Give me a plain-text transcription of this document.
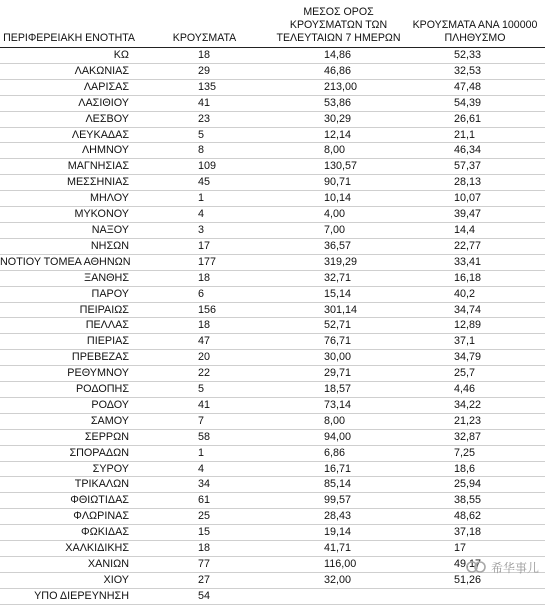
ΠΕΡΙΦΕΡΕΙΑΚΗ ΕΝΟΤΗΤΑ	ΚΡΟΥΣΜΑΤΑ	ΜΕΣΟΣ ΟΡΟΣ ΚΡΟΥΣΜΑΤΩΝ ΤΩΝ ΤΕΛΕΥΤΑΙΩΝ 7 ΗΜΕΡΩΝ	ΚΡΟΥΣΜΑΤΑ ΑΝΑ 100000 ΠΛΗΘΥΣΜΟ
ΚΩ	18	14,86	52,33
ΛΑΚΩΝΙΑΣ	29	46,86	32,53
ΛΑΡΙΣΑΣ	135	213,00	47,48
ΛΑΣΙΘΙΟΥ	41	53,86	54,39
ΛΕΣΒΟΥ	23	30,29	26,61
ΛΕΥΚΑΔΑΣ	5	12,14	21,1
ΛΗΜΝΟΥ	8	8,00	46,34
ΜΑΓΝΗΣΙΑΣ	109	130,57	57,37
ΜΕΣΣΗΝΙΑΣ	45	90,71	28,13
ΜΗΛΟΥ	1	10,14	10,07
ΜΥΚΟΝΟΥ	4	4,00	39,47
ΝΑΞΟΥ	3	7,00	14,4
ΝΗΣΩΝ	17	36,57	22,77
ΝΟΤΙΟΥ ΤΟΜΕΑ ΑΘΗΝΩΝ	177	319,29	33,41
ΞΑΝΘΗΣ	18	32,71	16,18
ΠΑΡΟΥ	6	15,14	40,2
ΠΕΙΡΑΙΩΣ	156	301,14	34,74
ΠΕΛΛΑΣ	18	52,71	12,89
ΠΙΕΡΙΑΣ	47	76,71	37,1
ΠΡΕΒΕΖΑΣ	20	30,00	34,79
ΡΕΘΥΜΝΟΥ	22	29,71	25,7
ΡΟΔΟΠΗΣ	5	18,57	4,46
ΡΟΔΟΥ	41	73,14	34,22
ΣΑΜΟΥ	7	8,00	21,23
ΣΕΡΡΩΝ	58	94,00	32,87
ΣΠΟΡΑΔΩΝ	1	6,86	7,25
ΣΥΡΟΥ	4	16,71	18,6
ΤΡΙΚΑΛΩΝ	34	85,14	25,94
ΦΘΙΩΤΙΔΑΣ	61	99,57	38,55
ΦΛΩΡΙΝΑΣ	25	28,43	48,62
ΦΩΚΙΔΑΣ	15	19,14	37,18
ΧΑΛΚΙΔΙΚΗΣ	18	41,71	17
ΧΑΝΙΩΝ	77	116,00	49,17
ΧΙΟΥ	27	32,00	51,26
ΥΠΟ ΔΙΕΡΕΥΝΗΣΗ	54		
希华事儿
